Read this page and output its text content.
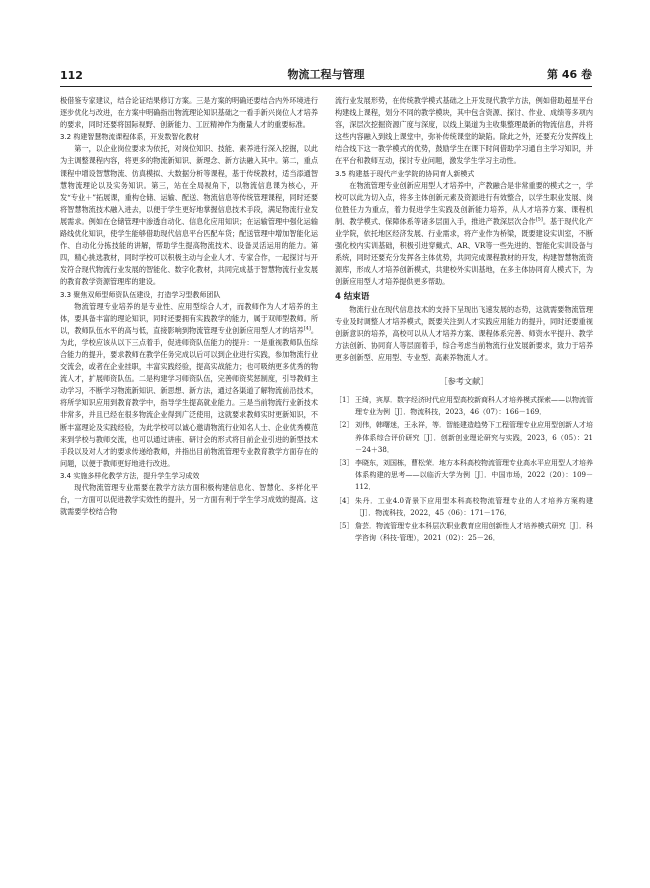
112	物流工程与管理	第 46 卷

极借鉴专家建议，结合论证结果修订方案。三是方案的明确还要结合内外环境进行逐步优化与改进，在方案中明确指出物流理论知识基础之一看手新兴岗位人才培养的要求，同时还要将国际视野、创新能力、工匠精神作为衡量人才的重要标准。

3.2 构建智慧物流课程体系，开发数智化教材

第一，以企业岗位要求为依托，对岗位知识、技能、素养进行深入挖掘，以此为主调整课程内容，将更多的物流新知识、新理念、新方法融入其中。第二，重点课程中增设智慧物流、仿真模拟、大数据分析等课程，基于传统教材，适当添通智慧物流理论以及实务知识。第三，站在全局视角下，以物流信息课为核心，开发“专业＋”拓展课，重构仓储、运输、配送、物流信息等传统管理课程，同时还要将智慧物流技术融入进去，以便于学生更好地掌握信息技术手段，满足物流行业发展需求。例如在仓储管理中渗透自动化、信息化应用知识；在运输管理中强化运输路线优化知识，使学生能够借助现代信息平台匹配车货；配送管理中增加智能化运作、自动化分拣技能的讲解，帮助学生提高物流技术、设备灵活运用的能力。第四，精心挑选教材，同时学校可以积极主动与企业人才、专家合作，一起探讨与开发符合现代物流行业发展的智能化、数字化教材，共同完成基于智慧物流行业发展的教育教学资源管理库的建设。

3.3 聚焦双师型师资队伍建设，打造学习型教师团队

物流管理专业培养的是专业性、应用型综合人才，而教师作为人才培养的主体，要具备丰富的理论知识，同时还要拥有实践教学的能力，属于双师型教师。所以，教师队伍水平的高与低，直接影响到物流管理专业创新应用型人才的培养[4]。为此，学校应该从以下三点着手，促进师资队伍能力的提升：一是重视教师队伍综合能力的提升，要求教师在教学任务完成以后可以到企业进行实践，参加物流行业交流会，或者在企业挂职，丰富实践经验，提高实战能力；也可吸纳更多优秀的物流人才，扩展师资队伍。二是构建学习师资队伍，完善师资奖惩制度，引导教师主动学习，不断学习物流新知识、新思想、新方法，通过各渠道了解物流前沿技术，将所学知识应用到教育教学中，指导学生提高就业能力。三是当前物流行业新技术非常多，并且已经在很多物流企业得到广泛使用，这就要求教师实时更新知识，不断丰富理论及实践经验，为此学校可以诚心邀请物流行业知名人士、企业优秀模范来到学校与教师交流，也可以通过讲座、研讨会的形式将目前企业引进的新型技术手段以及对人才的要求传递给教师，并指出目前物流管理专业教育教学方面存在的问题，以便于教师更好地进行改进。

3.4 实施多样化教学方法，提升学生学习成效

现代物流管理专业需要在教学方法方面积极构建信息化、智慧化、多样化平台，一方面可以促进教学实效性的提升，另一方面有利于学生学习成效的提高。这就需要学校结合物

流行业发展形势，在传统教学模式基础之上开发现代教学方法，例如借助超星平台构建线上课程，划分不同的教学模块，其中包含资源、探讨、作业、成绩等多项内容，深层次挖掘资源广度与深度，以线上渠道为主收集整理最新的物流信息，并将这些内容融入到线上课堂中，弥补传统课堂的缺陷。除此之外，还要充分发挥线上结合线下这一教学模式的优势，鼓励学生在课下时间借助学习通自主学习知识，并在平台和教师互动，探讨专业问题，激发学生学习主动性。

3.5 构建基于现代产业学院的协同育人新模式

在物流管理专业创新应用型人才培养中，产教融合是非常重要的模式之一，学校可以此为切入点，将多主体创新元素及资源进行有效整合，以学生职业发展、岗位胜任力为重点，着力促进学生实践及创新能力培养，从人才培养方案、课程机制、教学模式、保障体系等诸多层面入手，推进产教深层次合作[5]。基于现代化产业学院，依托地区经济发展、行业需求，将产业作为桥梁，既要建设实训室，不断强化校内实训基础，积极引进穿戴式、AR、VR等一些先进的、智能化实训设备与系统，同时还要充分发挥各主体优势，共同完成课程教材的开发，构建智慧物流资源库，形成人才培养创新模式，共建校外实训基地，在多主体协同育人模式下，为创新应用型人才培养提供更多帮助。

4 结束语

物流行业在现代信息技术的支持下呈现出飞速发展的态势，这就需要物流管理专业及时调整人才培养模式，既要关注到人才实践应用能力的提升，同时还要重视创新意识的培养，高校可以从人才培养方案、课程体系完善、师资水平提升、教学方法创新、协同育人等层面着手，综合考虑当前物流行业发展新要求，致力于培养更多创新型、应用型、专业型、高素养物流人才。

［参考文献］
［1］ 王绮，宾厚．数字经济时代应用型高校新商科人才培养模式探索——以物流管理专业为例［J］．物流科技，2023，46（07）：166－169．
［2］ 刘伟，韩曙迷，王永祥，等．智能建造趋势下工程管理专业应用型创新人才培养体系综合评价研究［J］．创新创业理论研究与实践，2023，6（05）：21－24＋38．
［3］ 李晓东，刘国栋，曹松荣．地方本科高校物流管理专业高水平应用型人才培养体系构建的思考——以临沂大学为例［J］．中国市场，2022（20）：109－112．
［4］ 朱丹．工业4.0背景下应用型本科高校物流管理专业的人才培养方案构建［J］．物流科技，2022，45（06）：171－176．
［5］ 詹芸．物流管理专业本科层次职业教育应用创新性人才培养模式研究［J］．科学咨询（科技·管理），2021（02）：25－26．
